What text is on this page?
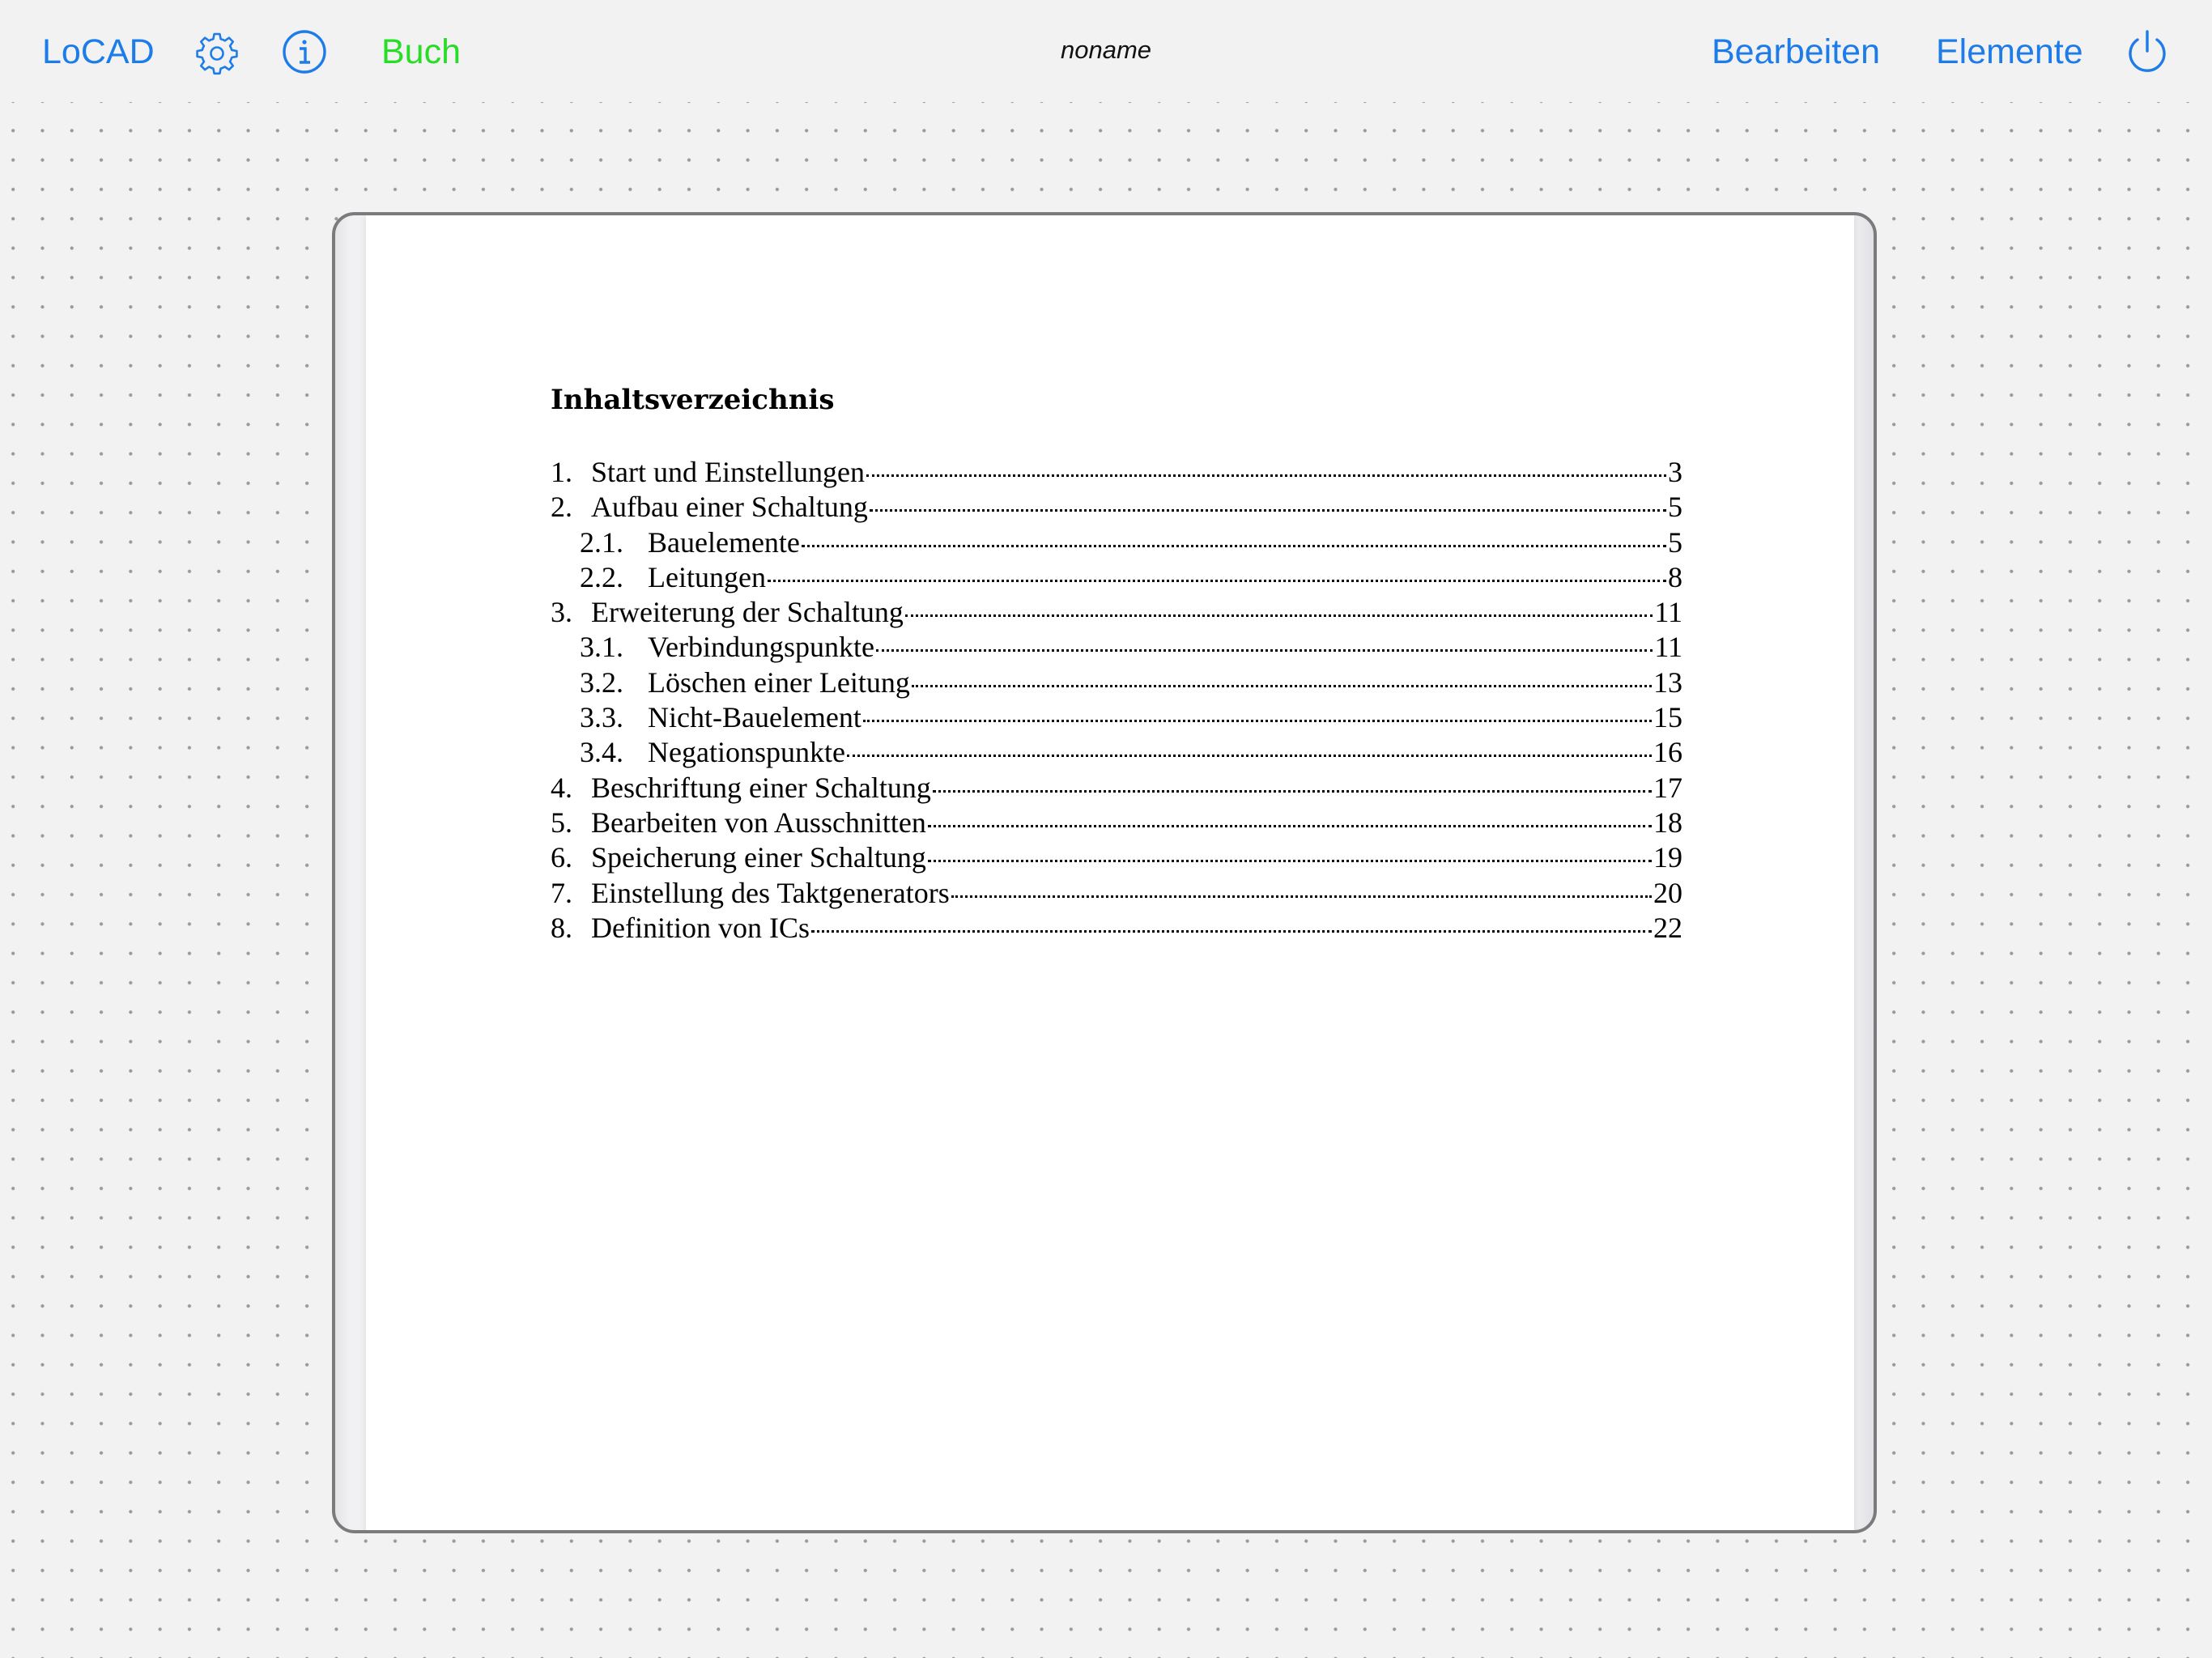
LoCAD	Buch	noname	Bearbeiten Elemente
Inhaltsverzeichnis
1. Start und Einstellungen	3
2. Aufbau einer Schaltung	5
2.1. Bauelemente	5
2.2. Leitungen	8
3. Erweiterung der Schaltung	11
3.1. Verbindungspunkte	11
3.2. Löschen einer Leitung	13
3.3. Nicht-Bauelement	15
3.4. Negationspunkte	16
4. Beschriftung einer Schaltung	17
5. Bearbeiten von Ausschnitten	18
6. Speicherung einer Schaltung	19
7. Einstellung des Taktgenerators	20
8. Definition von ICs	22
